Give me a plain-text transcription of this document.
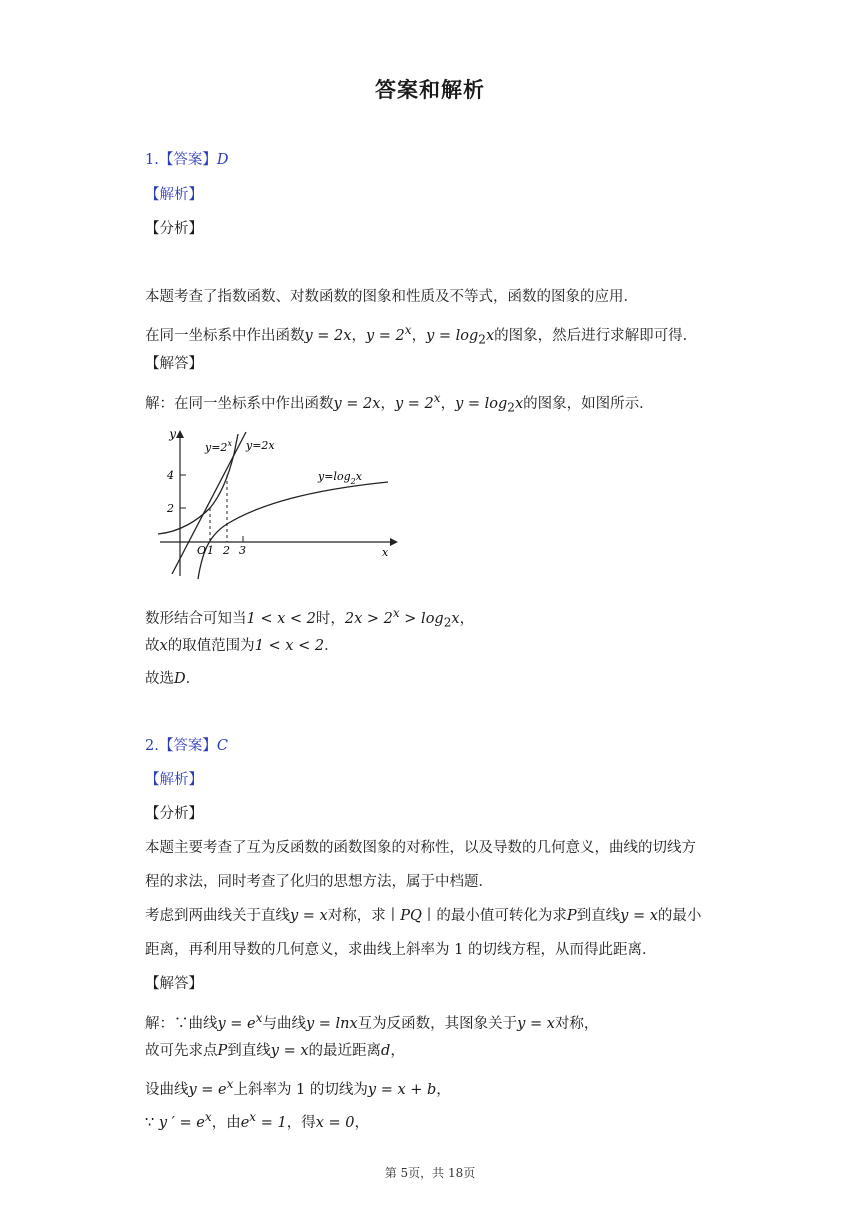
答案和解析
1.【答案】D
【解析】
【分析】
本题考查了指数函数、对数函数的图象和性质及不等式，函数的图象的应用．
在同一坐标系中作出函数y = 2x，$y = 2^x$，$y = \log_2x$的图象，然后进行求解即可得．
【解答】
解：在同一坐标系中作出函数y = 2x，$y = 2^x$，$y = \log_2x$的图象，如图所示．
y
x
$y=2^x$ y=2x
$y=\log_2x$
4
2
O 1 2 3
数形结合可知当1 < x < 2时，$2x > 2^x > \log_2x$，
故x的取值范围为1 < x < 2．
故选D．
2.【答案】C
【解析】
【分析】
本题主要考查了互为反函数的函数图象的对称性，以及导数的几何意义，曲线的切线方
程的求法，同时考查了化归的思想方法，属于中档题．
考虑到两曲线关于直线y = x对称，求丨PQ丨的最小值可转化为求P到直线y = x的最小
距离，再利用导数的几何意义，求曲线上斜率为 1 的切线方程，从而得此距离．
【解答】
解：∵曲线$y = e^x$与曲线y = lnx互为反函数，其图象关于y = x对称，
故可先求点P到直线y = x的最近距离d，
设曲线$y = e^x$上斜率为 1 的切线为y = x + b，
∵ y ′ = $e^x$，由$e^x = 1$，得x = 0，
第 5页，共 18页
